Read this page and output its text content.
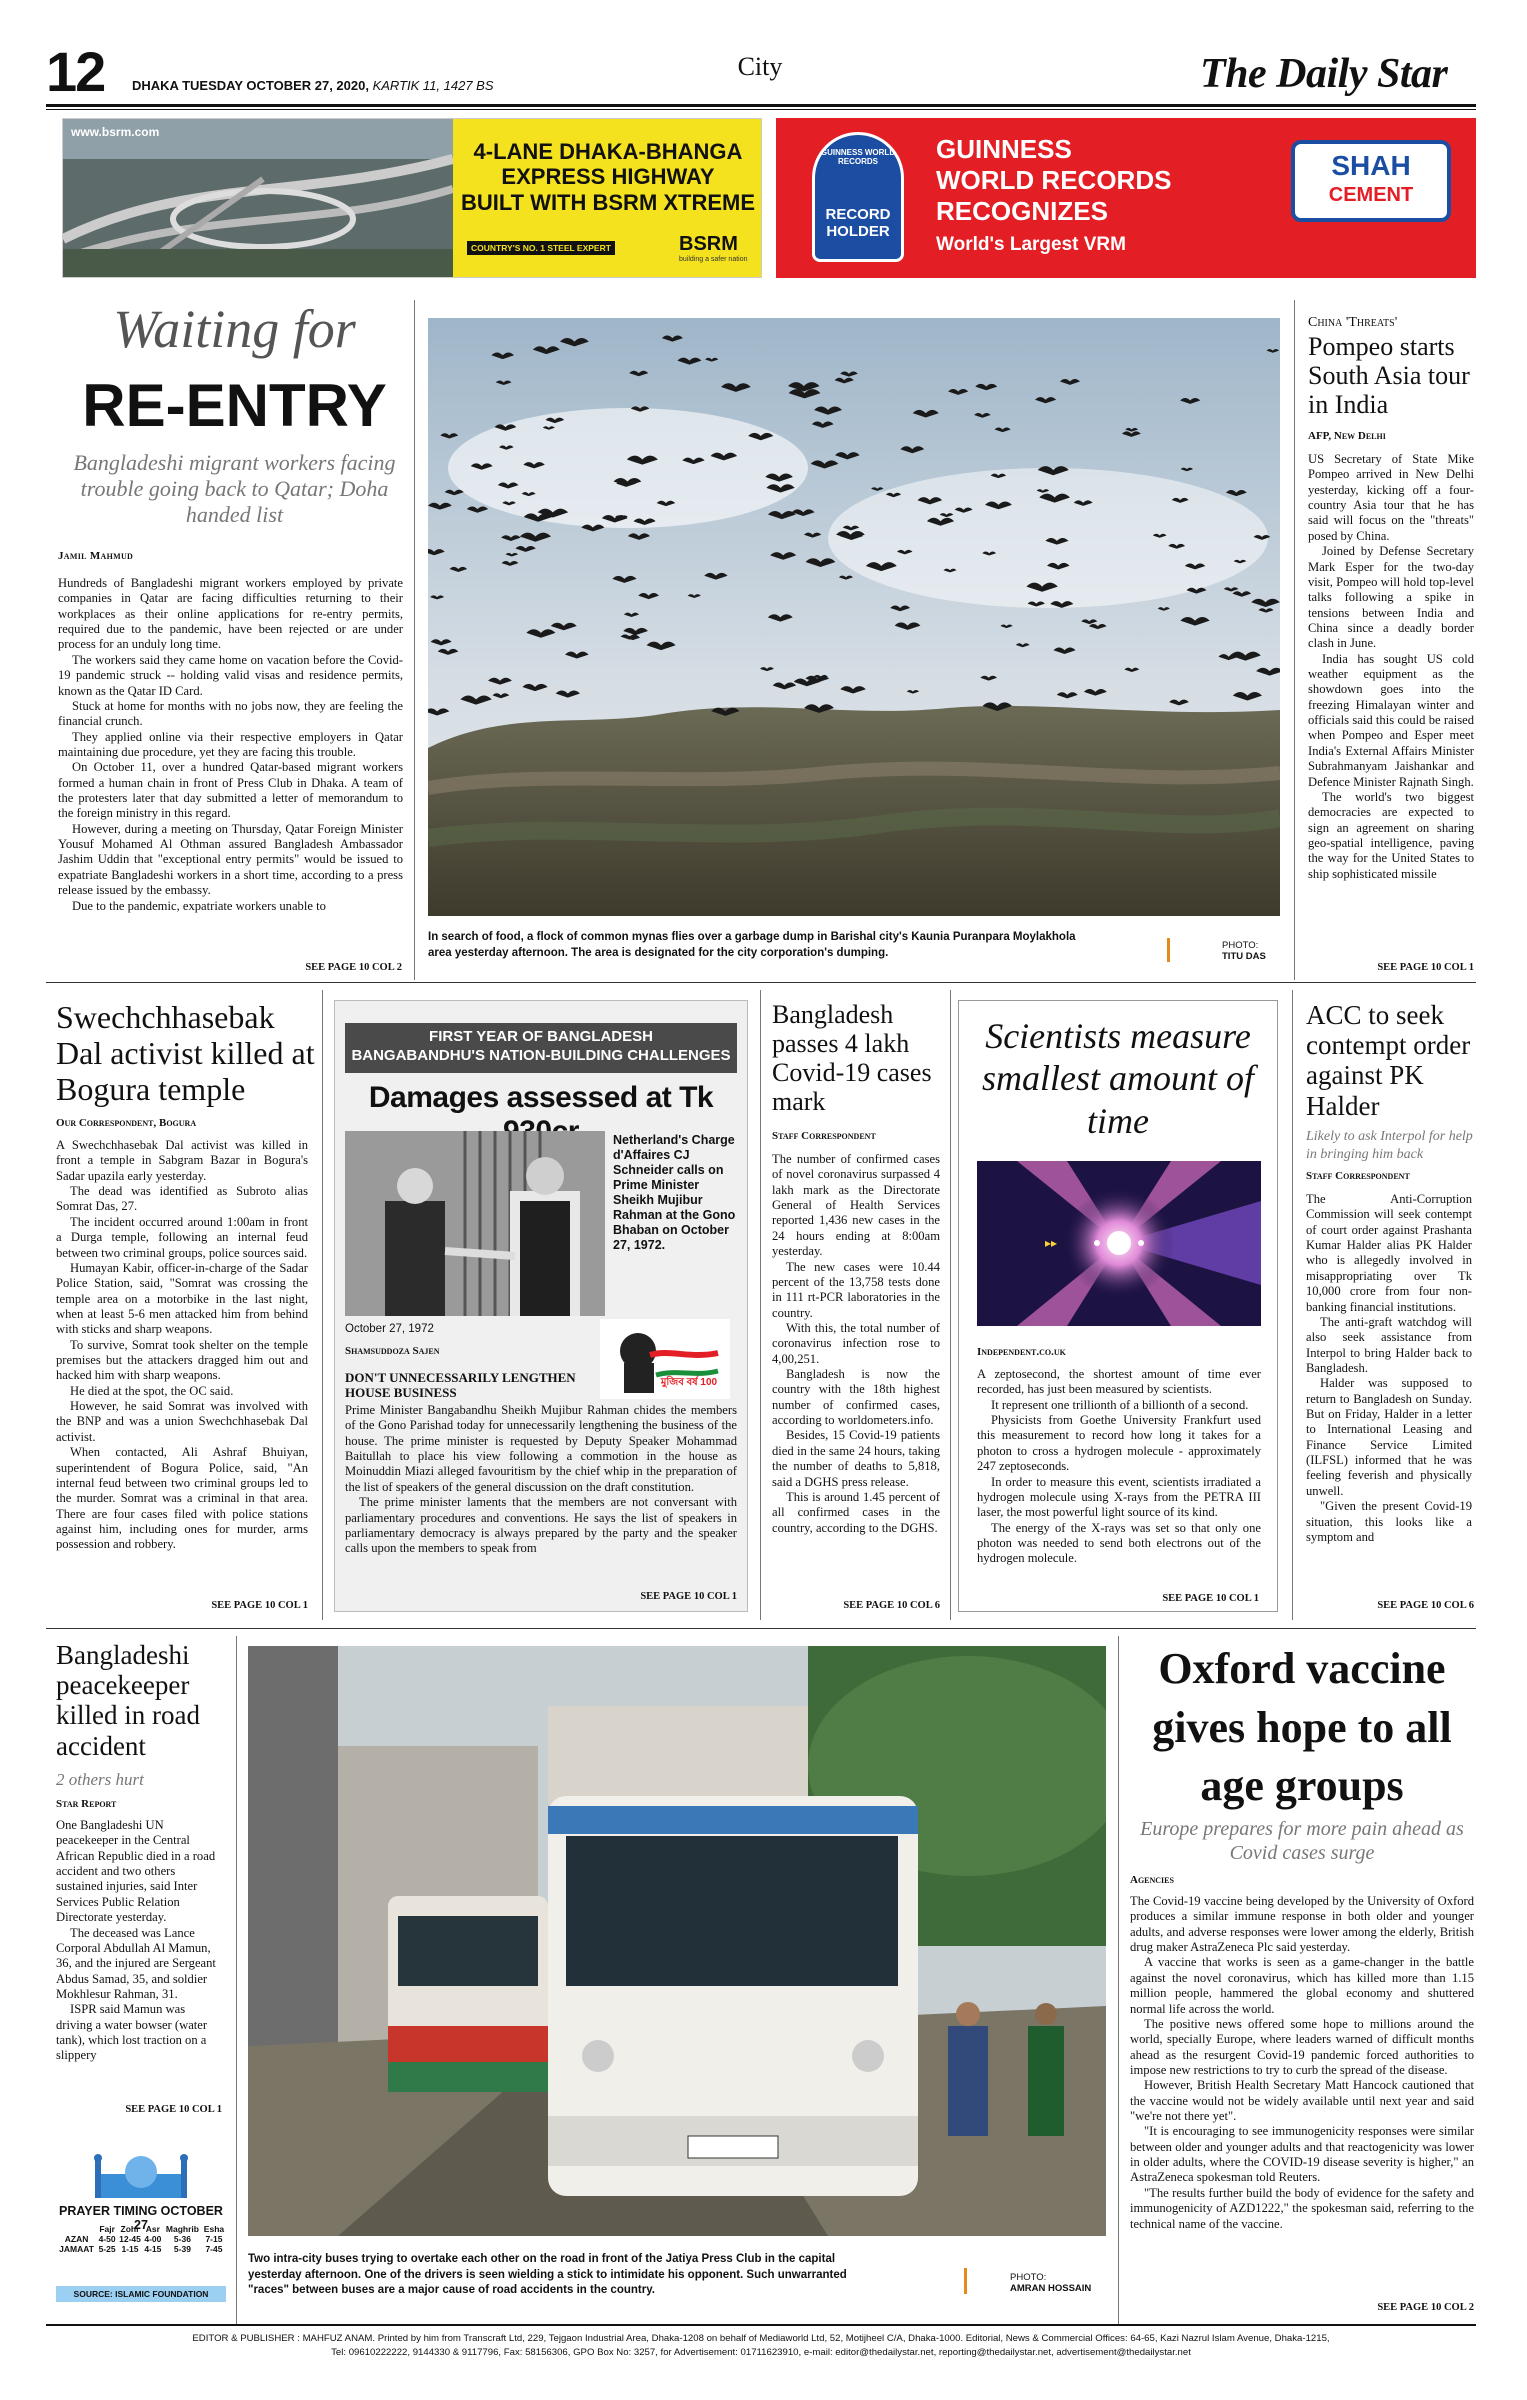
12 DHAKA TUESDAY OCTOBER 27, 2020, KARTIK 11, 1427 BS
City	The Daily Star
www.bsrm.com
4-LANE DHAKA-BHANGA
EXPRESS HIGHWAY
BUILT WITH BSRM XTREME
COUNTRY'S NO. 1 STEEL EXPERT	BSRM
building a safer nation
GUINNESS WORLD RECORDS
RECORD HOLDER
GUINNESS
WORLD RECORDS
RECOGNIZES
World's Largest VRM
SHAH
CEMENT
Waiting for
RE-ENTRY
Bangladeshi migrant workers facing trouble going back to Qatar; Doha handed list
Jamil Mahmud

Hundreds of Bangladeshi migrant workers employed by private companies in Qatar are facing difficulties returning to their workplaces as their online applications for re-entry permits, required due to the pandemic, have been rejected or are under process for an unduly long time.

The workers said they came home on vacation before the Covid-19 pandemic struck -- holding valid visas and residence permits, known as the Qatar ID Card.

Stuck at home for months with no jobs now, they are feeling the financial crunch.

They applied online via their respective employers in Qatar maintaining due procedure, yet they are facing this trouble.

On October 11, over a hundred Qatar-based migrant workers formed a human chain in front of Press Club in Dhaka. A team of the protesters later that day submitted a letter of memorandum to the foreign ministry in this regard.

However, during a meeting on Thursday, Qatar Foreign Minister Yousuf Mohamed Al Othman assured Bangladesh Ambassador Jashim Uddin that "exceptional entry permits" would be issued to expatriate Bangladeshi workers in a short time, according to a press release issued by the embassy.

Due to the pandemic, expatriate workers unable to

SEE PAGE 10 COL 2
In search of food, a flock of common mynas flies over a garbage dump in Barishal city's Kaunia Puranpara Moylakhola area yesterday afternoon. The area is designated for the city corporation's dumping.
PHOTO:
TITU DAS
China 'Threats'
Pompeo starts South Asia tour in India
AFP, New Delhi

US Secretary of State Mike Pompeo arrived in New Delhi yesterday, kicking off a four-country Asia tour that he has said will focus on the "threats" posed by China.

Joined by Defense Secretary Mark Esper for the two-day visit, Pompeo will hold top-level talks following a spike in tensions between India and China since a deadly border clash in June.

India has sought US cold weather equipment as the showdown goes into the freezing Himalayan winter and officials said this could be raised when Pompeo and Esper meet India's External Affairs Minister Subrahmanyam Jaishankar and Defence Minister Rajnath Singh.

The world's two biggest democracies are expected to sign an agreement on sharing geo-spatial intelligence, paving the way for the United States to ship sophisticated missile

SEE PAGE 10 COL 1
Swechchhasebak Dal activist killed at Bogura temple
Our Correspondent, Bogura

A Swechchhasebak Dal activist was killed in front a temple in Sabgram Bazar in Bogura's Sadar upazila early yesterday.

The dead was identified as Subroto alias Somrat Das, 27.

The incident occurred around 1:00am in front a Durga temple, following an internal feud between two criminal groups, police sources said.

Humayan Kabir, officer-in-charge of the Sadar Police Station, said, "Somrat was crossing the temple area on a motorbike in the last night, when at least 5-6 men attacked him from behind with sticks and sharp weapons.

To survive, Somrat took shelter on the temple premises but the attackers dragged him out and hacked him with sharp weapons.

He died at the spot, the OC said.

However, he said Somrat was involved with the BNP and was a union Swechchhasebak Dal activist.

When contacted, Ali Ashraf Bhuiyan, superintendent of Bogura Police, said, "An internal feud between two criminal groups led to the murder. Somrat was a criminal in that area. There are four cases filed with police stations against him, including ones for murder, arms possession and robbery.

SEE PAGE 10 COL 1
FIRST YEAR OF BANGLADESH
BANGABANDHU'S NATION-BUILDING CHALLENGES
Damages assessed at Tk
Netherland's Charge d'Affaires CJ Schneider calls on Prime Minister Sheikh Mujibur Rahman at the Gono Bhaban on October 27, 1972.
October 27, 1972
Shamsuddoza Sajen
মুজিব বর্ষ 100
DON'T UNNECESSARILY LENGTHEN HOUSE BUSINESS

Prime Minister Bangabandhu Sheikh Mujibur Rahman chides the members of the Gono Parishad today for unnecessarily lengthening the business of the house. The prime minister is requested by Deputy Speaker Mohammad Baitullah to place his view following a commotion in the house as Moinuddin Miazi alleged favouritism by the chief whip in the preparation of the list of speakers of the general discussion on the draft constitution.

The prime minister laments that the members are not conversant with parliamentary procedures and conventions. He says the list of speakers in parliamentary democracy is always prepared by the party and the speaker calls upon the members to speak from

SEE PAGE 10 COL 1
Bangladesh passes 4 lakh Covid-19 cases mark
Staff Correspondent

The number of confirmed cases of novel coronavirus surpassed 4 lakh mark as the Directorate General of Health Services reported 1,436 new cases in the 24 hours ending at 8:00am yesterday.

The new cases were 10.44 percent of the 13,758 tests done in 111 rt-PCR laboratories in the country.

With this, the total number of coronavirus infection rose to 4,00,251.

Bangladesh is now the country with the 18th highest number of confirmed cases, according to worldometers.info.

Besides, 15 Covid-19 patients died in the same 24 hours, taking the number of deaths to 5,818, said a DGHS press release.

This is around 1.45 percent of all confirmed cases in the country, according to the DGHS.

SEE PAGE 10 COL 6
Scientists measure smallest amount of time
▸▸
Independent.co.uk

A zeptosecond, the shortest amount of time ever recorded, has just been measured by scientists.

It represent one trillionth of a billionth of a second.

Physicists from Goethe University Frankfurt used this measurement to record how long it takes for a photon to cross a hydrogen molecule - approximately 247 zeptoseconds.

In order to measure this event, scientists irradiated a hydrogen molecule using X-rays from the PETRA III laser, the most powerful light source of its kind.

The energy of the X-rays was set so that only one photon was needed to send both electrons out of the hydrogen molecule.

SEE PAGE 10 COL 1
ACC to seek contempt order against PK Halder
Likely to ask Interpol for help in bringing him back
Staff Correspondent

The Anti-Corruption Commission will seek contempt of court order against Prashanta Kumar Halder alias PK Halder who is allegedly involved in misappropriating over Tk 10,000 crore from four non-banking financial institutions.

The anti-graft watchdog will also seek assistance from Interpol to bring Halder back to Bangladesh.

Halder was supposed to return to Bangladesh on Sunday. But on Friday, Halder in a letter to International Leasing and Finance Service Limited (ILFSL) informed that he was feeling feverish and physically unwell.

"Given the present Covid-19 situation, this looks like a symptom and

SEE PAGE 10 COL 6
Bangladeshi peacekeeper killed in road accident
2 others hurt
Star Report

One Bangladeshi UN peacekeeper in the Central African Republic died in a road accident and two others sustained injuries, said Inter Services Public Relation Directorate yesterday.

The deceased was Lance Corporal Abdullah Al Mamun, 36, and the injured are Sergeant Abdus Samad, 35, and soldier Mokhlesur Rahman, 31.

ISPR said Mamun was driving a water bowser (water tank), which lost traction on a slippery

SEE PAGE 10 COL 1
PRAYER TIMING OCTOBER 27
	Fajr	Zohr	Asr	Maghrib	Esha
AZAN	4-50	12-45	4-00	5-36	7-15
JAMAAT	5-25	1-15	4-15	5-39	7-45
SOURCE: ISLAMIC FOUNDATION
Two intra-city buses trying to overtake each other on the road in front of the Jatiya Press Club in the capital yesterday afternoon. One of the drivers is seen wielding a stick to intimidate his opponent. Such unwarranted "races" between buses are a major cause of road accidents in the country.
PHOTO:
AMRAN HOSSAIN
Oxford vaccine gives hope to all age groups
Europe prepares for more pain ahead as Covid cases surge
Agencies

The Covid-19 vaccine being developed by the University of Oxford produces a similar immune response in both older and younger adults, and adverse responses were lower among the elderly, British drug maker AstraZeneca Plc said yesterday.

A vaccine that works is seen as a game-changer in the battle against the novel coronavirus, which has killed more than 1.15 million people, hammered the global economy and shuttered normal life across the world.

The positive news offered some hope to millions around the world, specially Europe, where leaders warned of difficult months ahead as the resurgent Covid-19 pandemic forced authorities to impose new restrictions to try to curb the spread of the disease.

However, British Health Secretary Matt Hancock cautioned that the vaccine would not be widely available until next year and said "we're not there yet".

"It is encouraging to see immunogenicity responses were similar between older and younger adults and that reactogenicity was lower in older adults, where the COVID-19 disease severity is higher," an AstraZeneca spokesman told Reuters.

"The results further build the body of evidence for the safety and immunogenicity of AZD1222," the spokesman said, referring to the technical name of the vaccine.

SEE PAGE 10 COL 2
EDITOR & PUBLISHER : MAHFUZ ANAM. Printed by him from Transcraft Ltd, 229, Tejgaon Industrial Area, Dhaka-1208 on behalf of Mediaworld Ltd, 52, Motijheel C/A, Dhaka-1000. Editorial, News & Commercial Offices: 64-65, Kazi Nazrul Islam Avenue, Dhaka-1215,
Tel: 09610222222, 9144330 & 9117796, Fax: 58156306, GPO Box No: 3257, for Advertisement: 01711623910, e-mail: editor@thedailystar.net, reporting@thedailystar.net, advertisement@thedailystar.net
